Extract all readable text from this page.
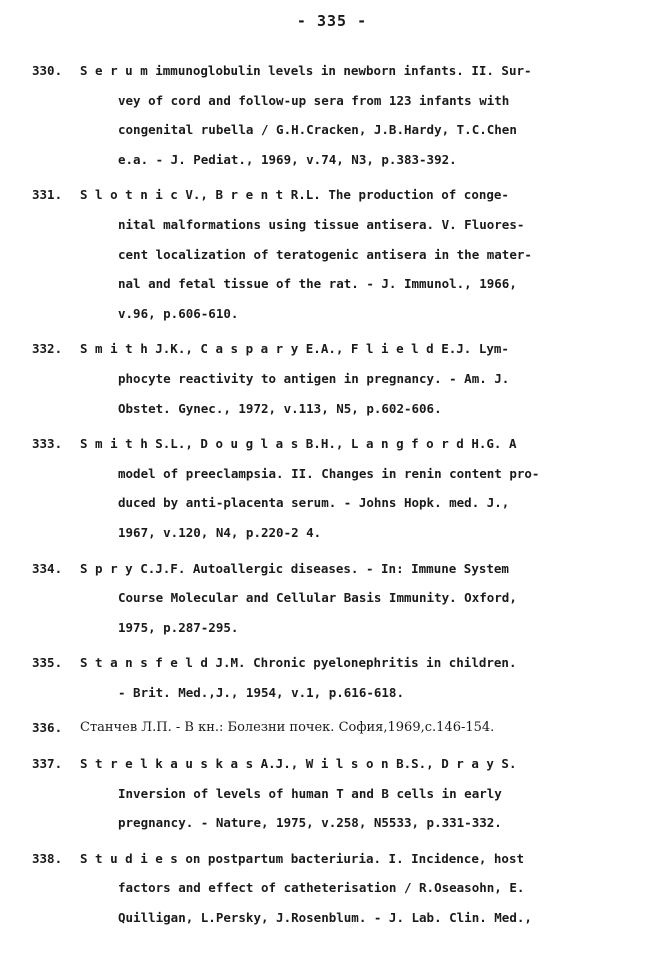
- 335 -
330.	S e r u m immunoglobulin levels in newborn infants. II. Sur-
vey of cord and follow-up sera from 123 infants with
congenital rubella / G.H.Cracken, J.B.Hardy, T.C.Chen
e.a. - J. Pediat., 1969, v.74, N3, p.383-392.
331.	S l o t n i c V., B r e n t R.L. The production of conge-
nital malformations using tissue antisera. V. Fluores-
cent localization of teratogenic antisera in the mater-
nal and fetal tissue of the rat. - J. Immunol., 1966,
v.96, p.606-610.
332.	S m i t h J.K., C a s p a r y E.A., F l i e l d E.J. Lym-
phocyte reactivity to antigen in pregnancy. - Am. J.
Obstet. Gynec., 1972, v.113, N5, p.602-606.
333.	S m i t h S.L., D o u g l a s B.H., L a n g f o r d H.G. A
model of preeclampsia. II. Changes in renin content pro-
duced by anti-placenta serum. - Johns Hopk. med. J.,
1967, v.120, N4, p.220-2 4.
334.	S p r y C.J.F. Autoallergic diseases. - In: Immune System
Course Molecular and Cellular Basis Immunity. Oxford,
1975, p.287-295.
335.	S t a n s f e l d J.M. Chronic pyelonephritis in children.
- Brit. Med.,J., 1954, v.1, p.616-618.
336.	Станчев Л.П. - В кн.: Болезни почек. София,1969,с.146-154.
337.	S t r e l k a u s k a s A.J., W i l s o n B.S., D r a y S.
Inversion of levels of human T and B cells in early
pregnancy. - Nature, 1975, v.258, N5533, p.331-332.
338.	S t u d i e s on postpartum bacteriuria. I. Incidence, host
factors and effect of catheterisation / R.Oseasohn, E.
Quilligan, L.Persky, J.Rosenblum. - J. Lab. Clin. Med.,
